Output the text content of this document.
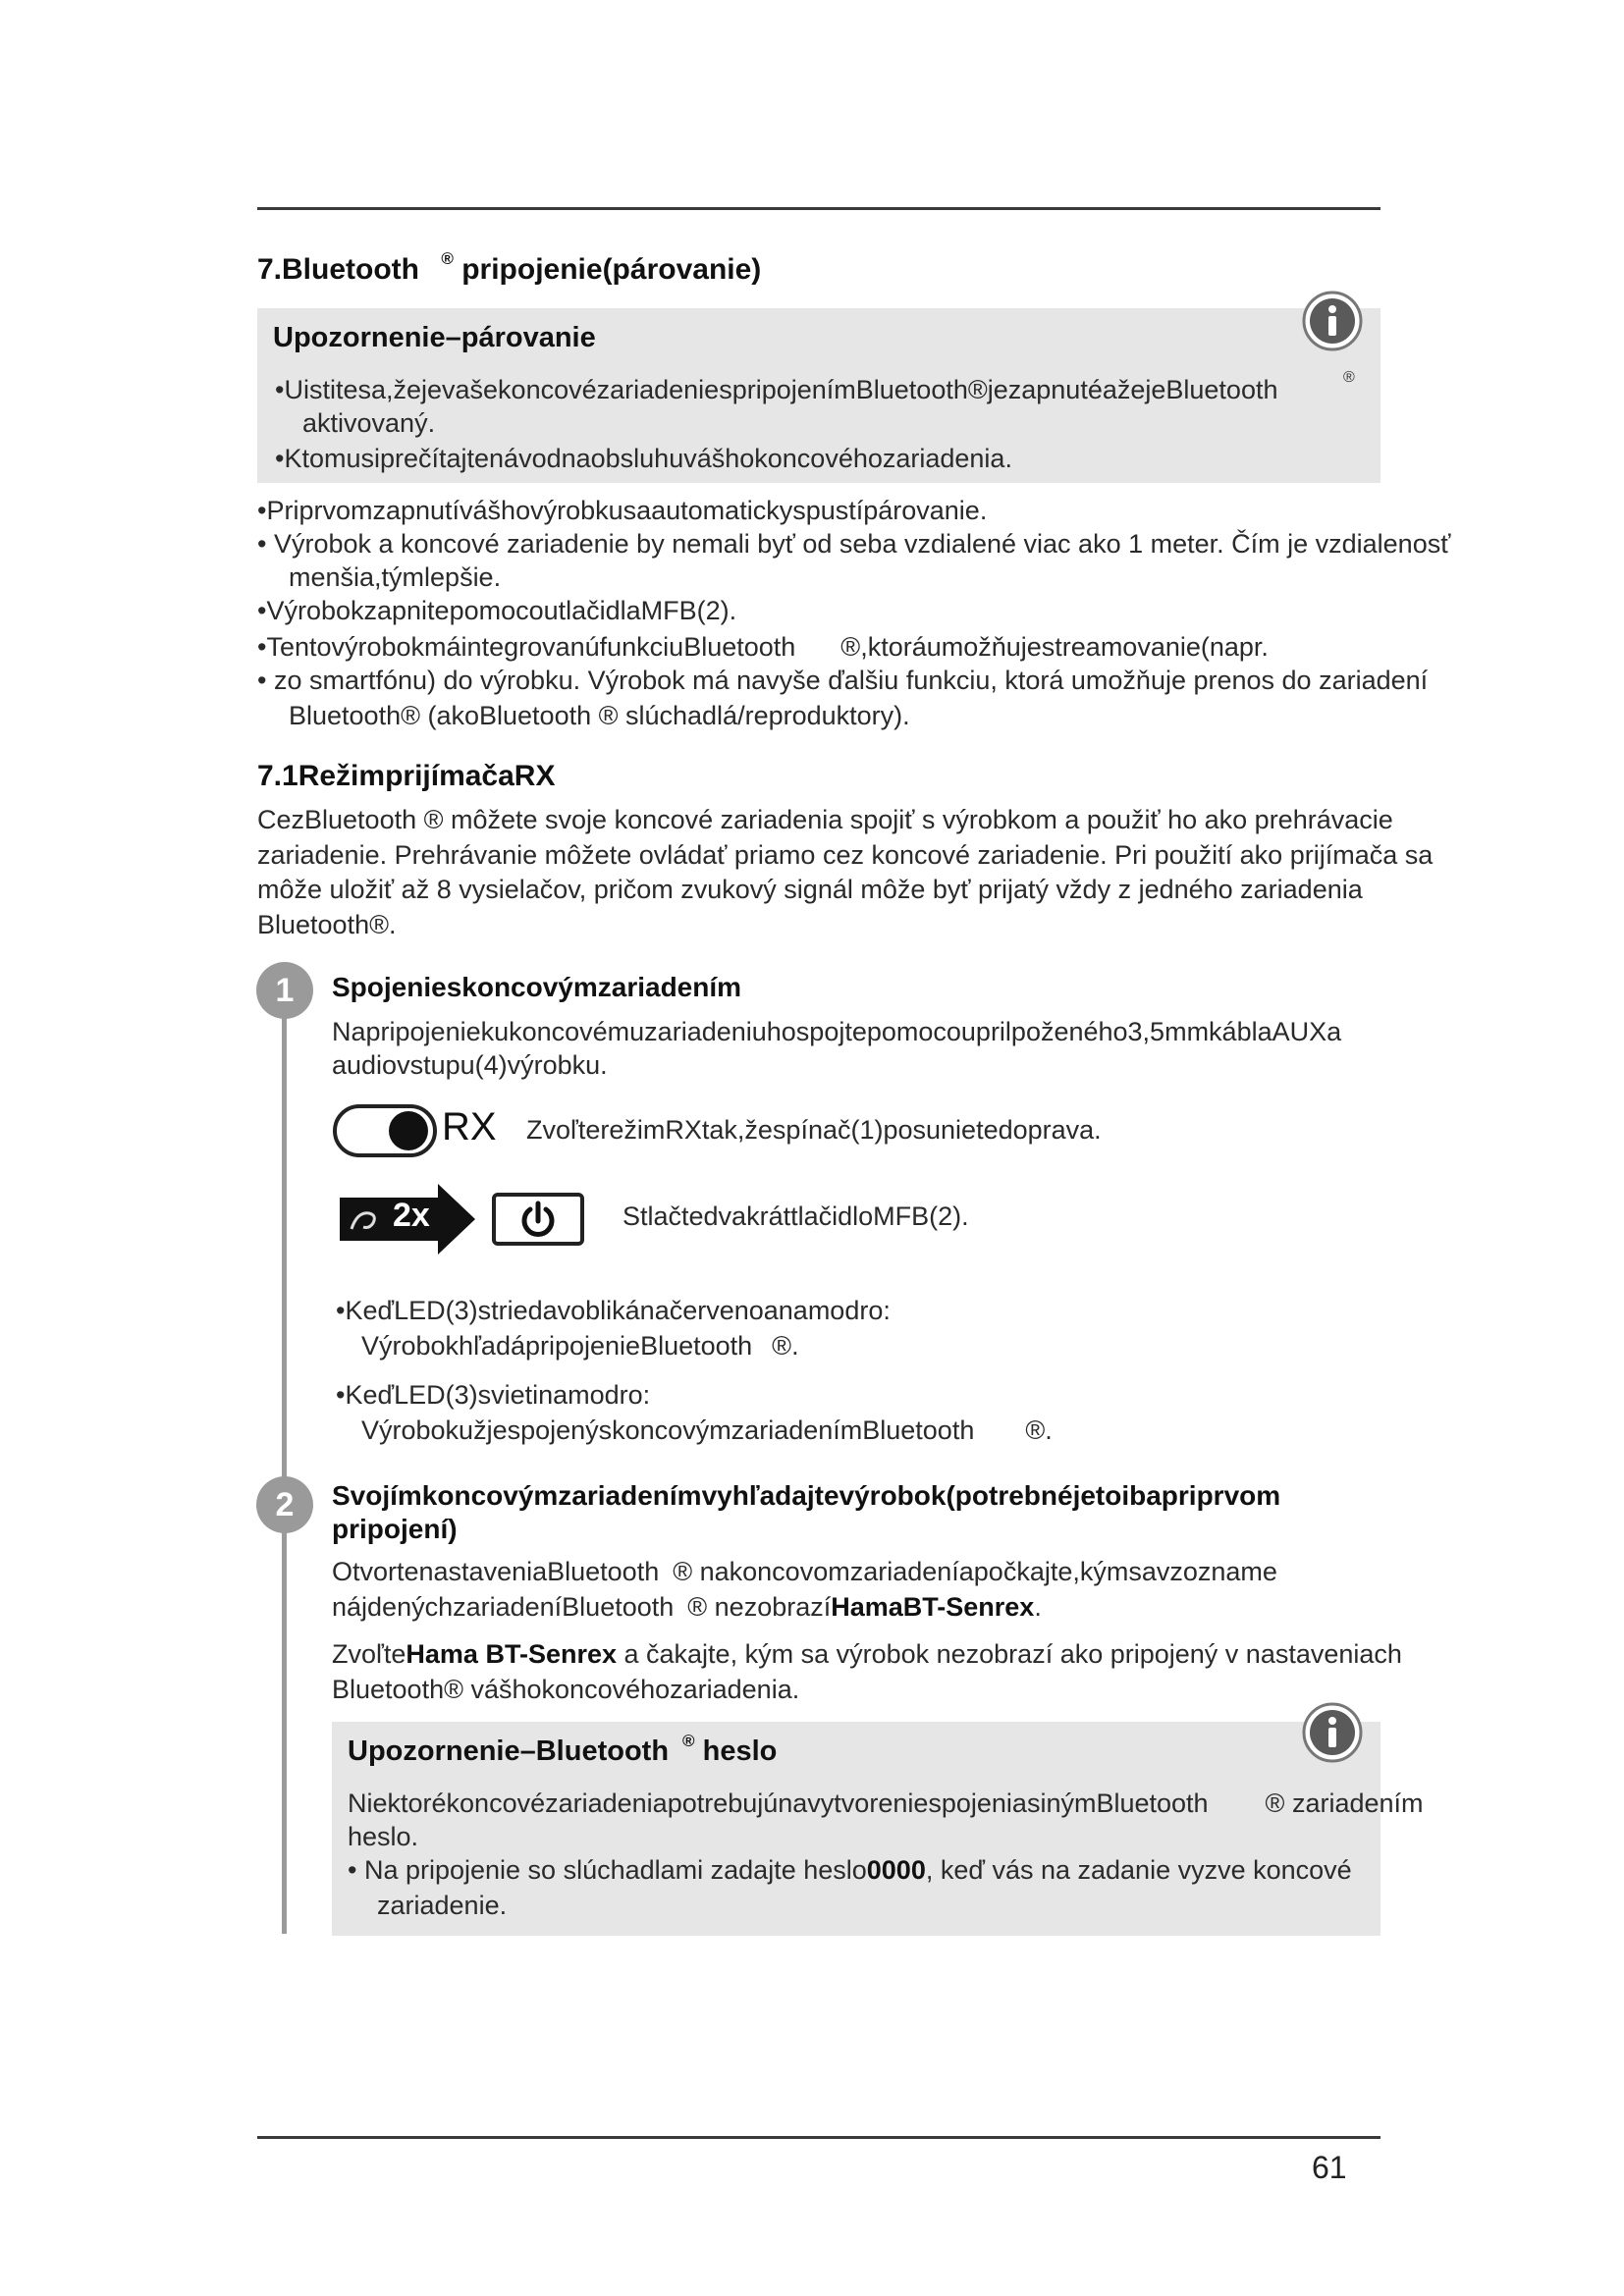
7.Bluetooth ® pripojenie(párovanie)
Upozornenie–párovanie
®
•Uistitesa,žejevašekoncovézariadeniespripojenímBluetooth®jezapnutéažejeBluetooth
aktivovaný.
•Ktomusiprečítajtenávodnaobsluhuvášhokoncovéhozariadenia.
•Priprvomzapnutívášhovýrobkusaautomatickyspustípárovanie.
• Výrobok a koncové zariadenie by nemali byť od seba vzdialené viac ako 1 meter. Čím je vzdialenosť
menšia,týmlepšie.
•VýrobokzapnitepomocoutlačidlaMFB(2).
•TentovýrobokmáintegrovanúfunkciuBluetooth ®,ktoráumožňujestreamovanie(napr.
• zo smartfónu) do výrobku. Výrobok má navyše ďalšiu funkciu, ktorá umožňuje prenos do zariadení
Bluetooth® (akoBluetooth ® slúchadlá/reproduktory).
7.1RežimprijímačaRX
CezBluetooth ® môžete svoje koncové zariadenia spojiť s výrobkom a použiť ho ako prehrávacie
zariadenie. Prehrávanie môžete ovládať priamo cez koncové zariadenie. Pri použití ako prijímača sa
môže uložiť až 8 vysielačov, pričom zvukový signál môže byť prijatý vždy z jedného zariadenia
Bluetooth®.
1	Spojenieskoncovýmzariadením
Napripojeniekukoncovémuzariadeniuhospojtepomocouprilpoženého3,5mmkáblaAUXa
audiovstupu(4)výrobku.
RX ZvoľterežimRXtak,žespínač(1)posunietedoprava.
2x	StlačtedvakráttlačidloMFB(2).
•KeďLED(3)striedavoblikánačervenoanamodro:
VýrobokhľadápripojenieBluetooth ®.
•KeďLED(3)svietinamodro:
VýrobokužjespojenýskoncovýmzariadenímBluetooth ®.
2	Svojímkoncovýmzariadenímvyhľadajtevýrobok(potrebnéjetoibapriprvom
pripojení)
OtvortenastaveniaBluetooth ® nakoncovomzariadeníapočkajte,kýmsavzozname
nájdenýchzariadeníBluetooth ® nezobrazíHamaBT-Senrex.
ZvoľteHama BT-Senrex a čakajte, kým sa výrobok nezobrazí ako pripojený v nastaveniach
Bluetooth® vášhokoncovéhozariadenia.
Upozornenie–Bluetooth ® heslo
NiektorékoncovézariadeniapotrebujúnavytvoreniespojeniasinýmBluetooth ® zariadením
heslo.
• Na pripojenie so slúchadlami zadajte heslo0000, keď vás na zadanie vyzve koncové
zariadenie.
61
